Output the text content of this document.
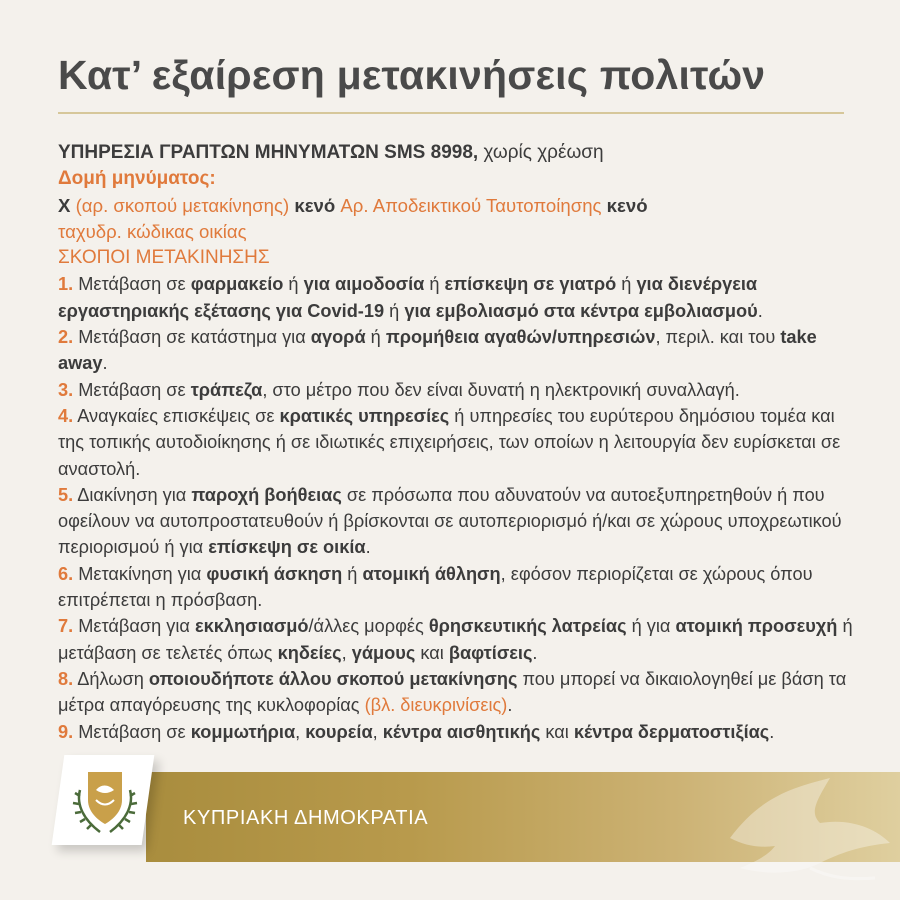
Κατ’ εξαίρεση μετακινήσεις πολιτών

ΥΠΗΡΕΣΙΑ ΓΡΑΠΤΩΝ ΜΗΝΥΜΑΤΩΝ SMS 8998, χωρίς χρέωση

Δομή μηνύματος:

X (αρ. σκοπού μετακίνησης) κενό Αρ. Αποδεικτικού Ταυτοποίησης κενό
ταχυδρ. κώδικας οικίας

ΣΚΟΠΟΙ ΜΕΤΑΚΙΝΗΣΗΣ

1. Μετάβαση σε φαρμακείο ή για αιμοδοσία ή επίσκεψη σε γιατρό ή για διενέργεια εργαστηριακής εξέτασης για Covid-19 ή για εμβολιασμό στα κέντρα εμβολιασμού.

2. Μετάβαση σε κατάστημα για αγορά ή προμήθεια αγαθών/υπηρεσιών, περιλ. και του take away.

3. Μετάβαση σε τράπεζα, στο μέτρο που δεν είναι δυνατή η ηλεκτρονική συναλλαγή.

4. Αναγκαίες επισκέψεις σε κρατικές υπηρεσίες ή υπηρεσίες του ευρύτερου δημόσιου τομέα και της τοπικής αυτοδιοίκησης ή σε ιδιωτικές επιχειρήσεις, των οποίων η λειτουργία δεν ευρίσκεται σε αναστολή.

5. Διακίνηση για παροχή βοήθειας σε πρόσωπα που αδυνατούν να αυτοεξυπηρετηθούν ή που οφείλουν να αυτοπροστατευθούν ή βρίσκονται σε αυτοπεριορισμό ή/και σε χώρους υποχρεωτικού περιορισμού ή για επίσκεψη σε οικία.

6. Μετακίνηση για φυσική άσκηση ή ατομική άθληση, εφόσον περιορίζεται σε χώρους όπου επιτρέπεται η πρόσβαση.

7. Μετάβαση για εκκλησιασμό/άλλες μορφές θρησκευτικής λατρείας ή για ατομική προσευχή ή μετάβαση σε τελετές όπως κηδείες, γάμους και βαφτίσεις.

8. Δήλωση οποιουδήποτε άλλου σκοπού μετακίνησης που μπορεί να δικαιολογηθεί με βάση τα μέτρα απαγόρευσης της κυκλοφορίας (βλ. διευκρινίσεις).

9. Μετάβαση σε κομμωτήρια, κουρεία, κέντρα αισθητικής και κέντρα δερματοστιξίας.

ΚΥΠΡΙΑΚΗ ΔΗΜΟΚΡΑΤΙΑ
